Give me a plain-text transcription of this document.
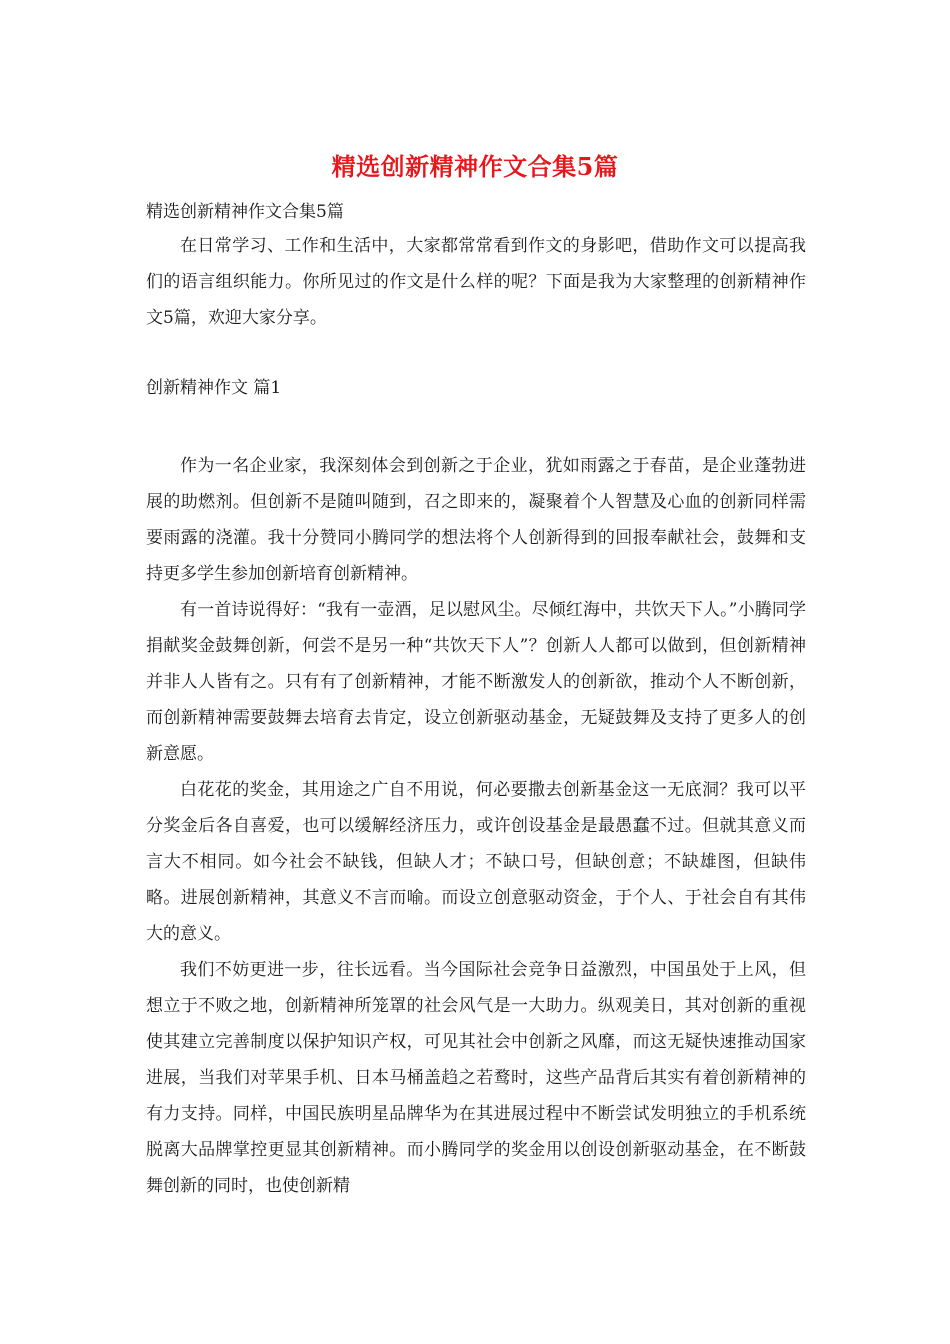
精选创新精神作文合集5篇

精选创新精神作文合集5篇

在日常学习、工作和生活中，大家都常常看到作文的身影吧，借助作文可以提高我们的语言组织能力。你所见过的作文是什么样的呢？下面是我为大家整理的创新精神作文5篇，欢迎大家分享。

创新精神作文 篇1

作为一名企业家，我深刻体会到创新之于企业，犹如雨露之于春苗，是企业蓬勃进展的助燃剂。但创新不是随叫随到，召之即来的，凝聚着个人智慧及心血的创新同样需要雨露的浇灌。我十分赞同小腾同学的想法将个人创新得到的回报奉献社会，鼓舞和支持更多学生参加创新培育创新精神。

有一首诗说得好：“我有一壶酒，足以慰风尘。尽倾红海中，共饮天下人。”小腾同学捐献奖金鼓舞创新，何尝不是另一种“共饮天下人”？创新人人都可以做到，但创新精神并非人人皆有之。只有有了创新精神，才能不断激发人的创新欲，推动个人不断创新，而创新精神需要鼓舞去培育去肯定，设立创新驱动基金，无疑鼓舞及支持了更多人的创新意愿。

白花花的奖金，其用途之广自不用说，何必要撒去创新基金这一无底洞？我可以平分奖金后各自喜爱，也可以缓解经济压力，或许创设基金是最愚蠢不过。但就其意义而言大不相同。如今社会不缺钱，但缺人才；不缺口号，但缺创意；不缺雄图，但缺伟略。进展创新精神，其意义不言而喻。而设立创意驱动资金，于个人、于社会自有其伟大的意义。

我们不妨更进一步，往长远看。当今国际社会竞争日益激烈，中国虽处于上风，但想立于不败之地，创新精神所笼罩的社会风气是一大助力。纵观美日，其对创新的重视使其建立完善制度以保护知识产权，可见其社会中创新之风靡，而这无疑快速推动国家进展，当我们对苹果手机、日本马桶盖趋之若鹜时，这些产品背后其实有着创新精神的有力支持。同样，中国民族明星品牌华为在其进展过程中不断尝试发明独立的手机系统脱离大品牌掌控更显其创新精神。而小腾同学的奖金用以创设创新驱动基金，在不断鼓舞创新的同时，也使创新精
